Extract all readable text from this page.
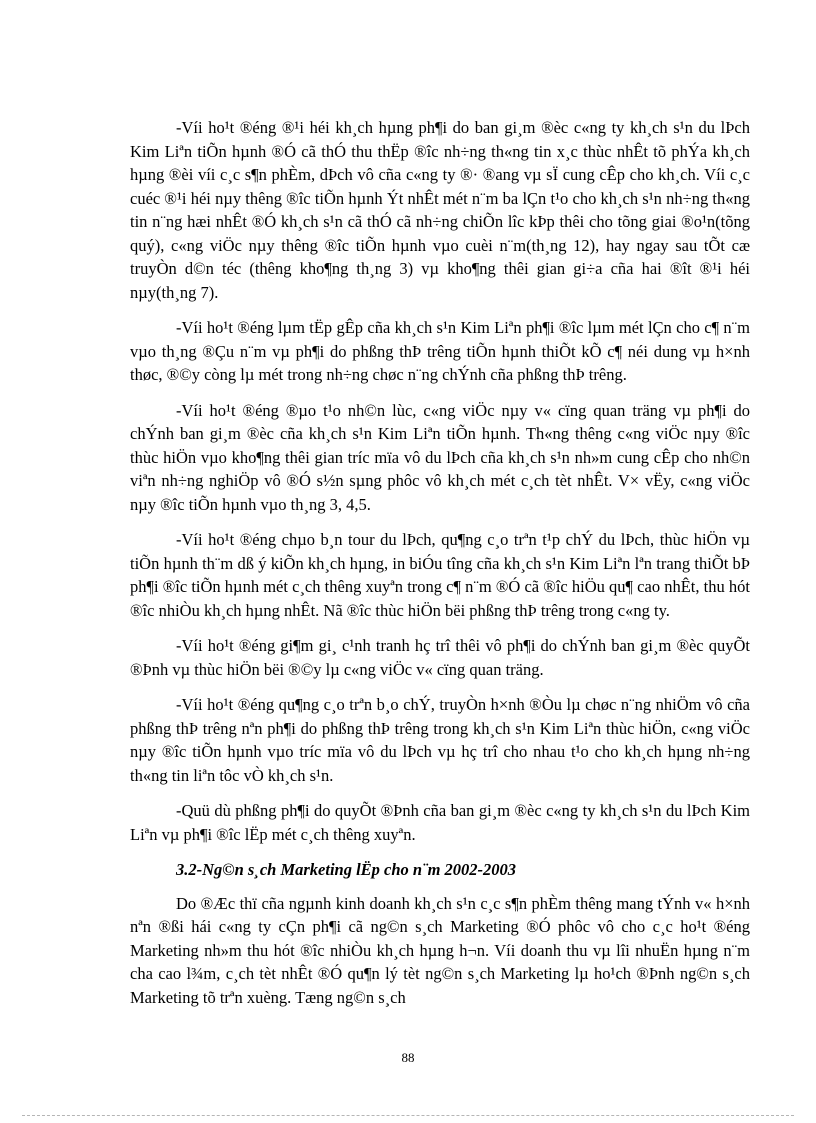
-Víi ho¹t ®éng ®¹i héi kh¸ch hµng ph¶i do ban gi¸m ®èc c«ng ty kh¸ch s¹n du lÞch Kim Liªn tiÕn hµnh ®Ó cã thÓ thu thËp ®îc nh÷ng th«ng tin x¸c thùc nhÊt tõ phÝa kh¸ch hµng ®èi víi c¸c s¶n phÈm, dÞch vô cña c«ng ty ®· ®ang vµ sÏ cung cÊp cho kh¸ch. Víi c¸c cuéc ®¹i héi nµy thêng ®îc tiÕn hµnh Ýt nhÊt mét n¨m ba lÇn t¹o cho kh¸ch s¹n nh÷ng th«ng tin n¨ng hæi nhÊt ®Ó kh¸ch s¹n cã thÓ cã nh÷ng chiÕn lîc kÞp thêi cho tõng giai ®o¹n(tõng quý), c«ng viÖc nµy thêng ®îc tiÕn hµnh vµo cuèi n¨m(th¸ng 12), hay ngay sau tÕt cæ truyÒn d©n téc (thêng kho¶ng th¸ng 3) vµ kho¶ng thêi gian gi÷a cña hai ®ît ®¹i héi nµy(th¸ng 7).

-Víi ho¹t ®éng lµm tËp gÊp cña kh¸ch s¹n Kim Liªn ph¶i ®îc lµm mét lÇn cho c¶ n¨m vµo th¸ng ®Çu n¨m vµ ph¶i do phßng thÞ trêng tiÕn hµnh thiÕt kÕ c¶ néi dung vµ h×nh thøc, ®©y còng lµ mét trong nh÷ng chøc n¨ng chÝnh cña phßng thÞ trêng.

-Víi ho¹t ®éng ®µo t¹o nh©n lùc, c«ng viÖc nµy v« cïng quan träng vµ ph¶i do chÝnh ban gi¸m ®èc cña kh¸ch s¹n Kim Liªn tiÕn hµnh. Th«ng thêng c«ng viÖc nµy ®îc thùc hiÖn vµo kho¶ng thêi gian tríc mïa vô du lÞch cña kh¸ch s¹n nh»m cung cÊp cho nh©n viªn nh÷ng nghiÖp vô ®Ó s½n sµng phôc vô kh¸ch mét c¸ch tèt nhÊt. V× vËy, c«ng viÖc nµy ®îc tiÕn hµnh vµo th¸ng 3, 4,5.

-Víi ho¹t ®éng chµo b¸n tour du lÞch, qu¶ng c¸o trªn t¹p chÝ du lÞch, thùc hiÖn vµ tiÕn hµnh th¨m dß ý kiÕn kh¸ch hµng, in biÓu tîng cña kh¸ch s¹n Kim Liªn lªn trang thiÕt bÞ ph¶i ®îc tiÕn hµnh mét c¸ch thêng xuyªn trong c¶ n¨m ®Ó cã ®îc hiÖu qu¶ cao nhÊt, thu hót ®îc nhiÒu kh¸ch hµng nhÊt. Nã ®îc thùc hiÖn bëi phßng thÞ trêng trong c«ng ty.

-Víi ho¹t ®éng gi¶m gi¸ c¹nh tranh hç trî thêi vô ph¶i do chÝnh ban gi¸m ®èc quyÕt ®Þnh vµ thùc hiÖn bëi ®©y lµ c«ng viÖc v« cïng quan träng.

-Víi ho¹t ®éng qu¶ng c¸o trªn b¸o chÝ, truyÒn h×nh ®Òu lµ chøc n¨ng nhiÖm vô cña phßng thÞ trêng nªn ph¶i do phßng thÞ trêng trong kh¸ch s¹n Kim Liªn thùc hiÖn, c«ng viÖc nµy ®îc tiÕn hµnh vµo tríc mïa vô du lÞch vµ hç trî cho nhau t¹o cho kh¸ch hµng nh÷ng th«ng tin liªn tôc vÒ kh¸ch s¹n.

-Quü dù phßng ph¶i do quyÕt ®Þnh cña ban gi¸m ®èc c«ng ty kh¸ch s¹n du lÞch Kim Liªn vµ ph¶i ®îc lËp mét c¸ch thêng xuyªn.

3.2-Ng©n s¸ch Marketing lËp cho n¨m 2002-2003

Do ®Æc thï cña ngµnh kinh doanh kh¸ch s¹n c¸c s¶n phÈm thêng mang tÝnh v« h×nh nªn ®ßi hái c«ng ty cÇn ph¶i cã ng©n s¸ch Marketing ®Ó phôc vô cho c¸c ho¹t ®éng Marketing nh»m thu hót ®îc nhiÒu kh¸ch hµng h¬n. Víi doanh thu vµ lîi nhuËn hµng n¨m cha cao l¾m, c¸ch tèt nhÊt ®Ó qu¶n lý tèt ng©n s¸ch Marketing lµ ho¹ch ®Þnh ng©n s¸ch Marketing tõ trªn xuèng. Tæng ng©n s¸ch

88
